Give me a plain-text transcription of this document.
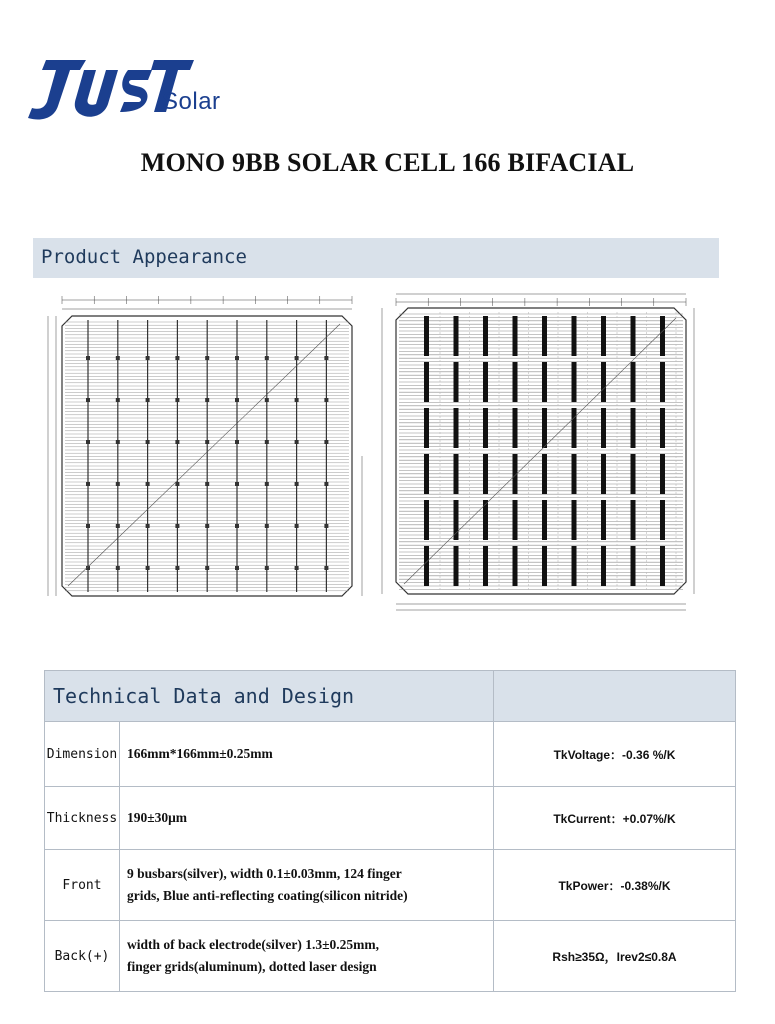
Solar
MONO 9BB SOLAR CELL 166 BIFACIAL
Product Appearance
Technical Data and Design		
Dimension	166mm*166mm±0.25mm	TkVoltage：-0.36 %/K
Thickness	190±30μm	TkCurrent：+0.07%/K
Front	9 busbars(silver), width 0.1±0.03mm, 124 finger
grids, Blue anti-reflecting coating(silicon nitride)	TkPower：-0.38%/K
Back(+)	width of back electrode(silver) 1.3±0.25mm,
finger grids(aluminum), dotted laser design	Rsh≥35Ω，Irev2≤0.8A
